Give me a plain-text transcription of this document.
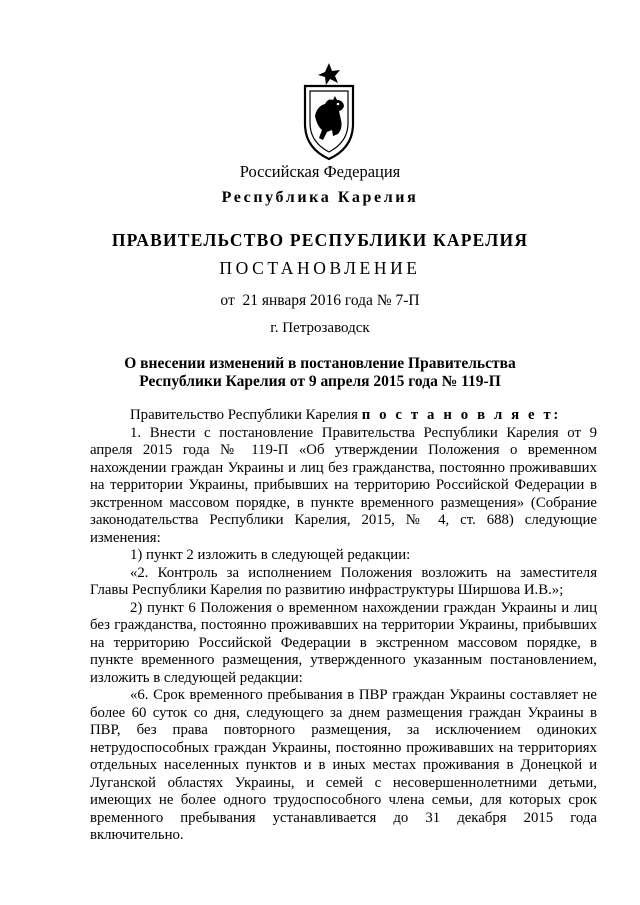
Российская Федерация
Республика Карелия
ПРАВИТЕЛЬСТВО РЕСПУБЛИКИ КАРЕЛИЯ
ПОСТАНОВЛЕНИЕ
от  21 января 2016 года № 7-П
г. Петрозаводск
О внесении изменений в постановление Правительства
Республики Карелия от 9 апреля 2015 года № 119-П

Правительство Республики Карелия п о с т а н о в л я е т:

1. Внести с постановление Правительства Республики Карелия от 9 апреля 2015 года № 119-П «Об утверждении Положения о временном нахождении граждан Украины и лиц без гражданства, постоянно проживавших на территории Украины, прибывших на территорию Российской Федерации в экстренном массовом порядке, в пункте временного размещения» (Собрание законодательства Республики Карелия, 2015, № 4, ст. 688) следующие изменения:

1) пункт 2 изложить в следующей редакции:

«2. Контроль за исполнением Положения возложить на заместителя Главы Республики Карелия по развитию инфраструктуры Ширшова И.В.»;

2) пункт 6 Положения о временном нахождении граждан Украины и лиц без гражданства, постоянно проживавших на территории Украины, прибывших на территорию Российской Федерации в экстренном массовом порядке, в пункте временного размещения, утвержденного указанным постановлением, изложить в следующей редакции:

«6. Срок временного пребывания в ПВР граждан Украины составляет не более 60 суток со дня, следующего за днем размещения граждан Украины в ПВР, без права повторного размещения, за исключением одиноких нетрудоспособных граждан Украины, постоянно проживавших на территориях отдельных населенных пунктов и в иных местах проживания в Донецкой и Луганской областях Украины, и семей с несовершеннолетними детьми, имеющих не более одного трудоспособного члена семьи, для которых срок временного пребывания устанавливается до 31 декабря 2015 года включительно.
